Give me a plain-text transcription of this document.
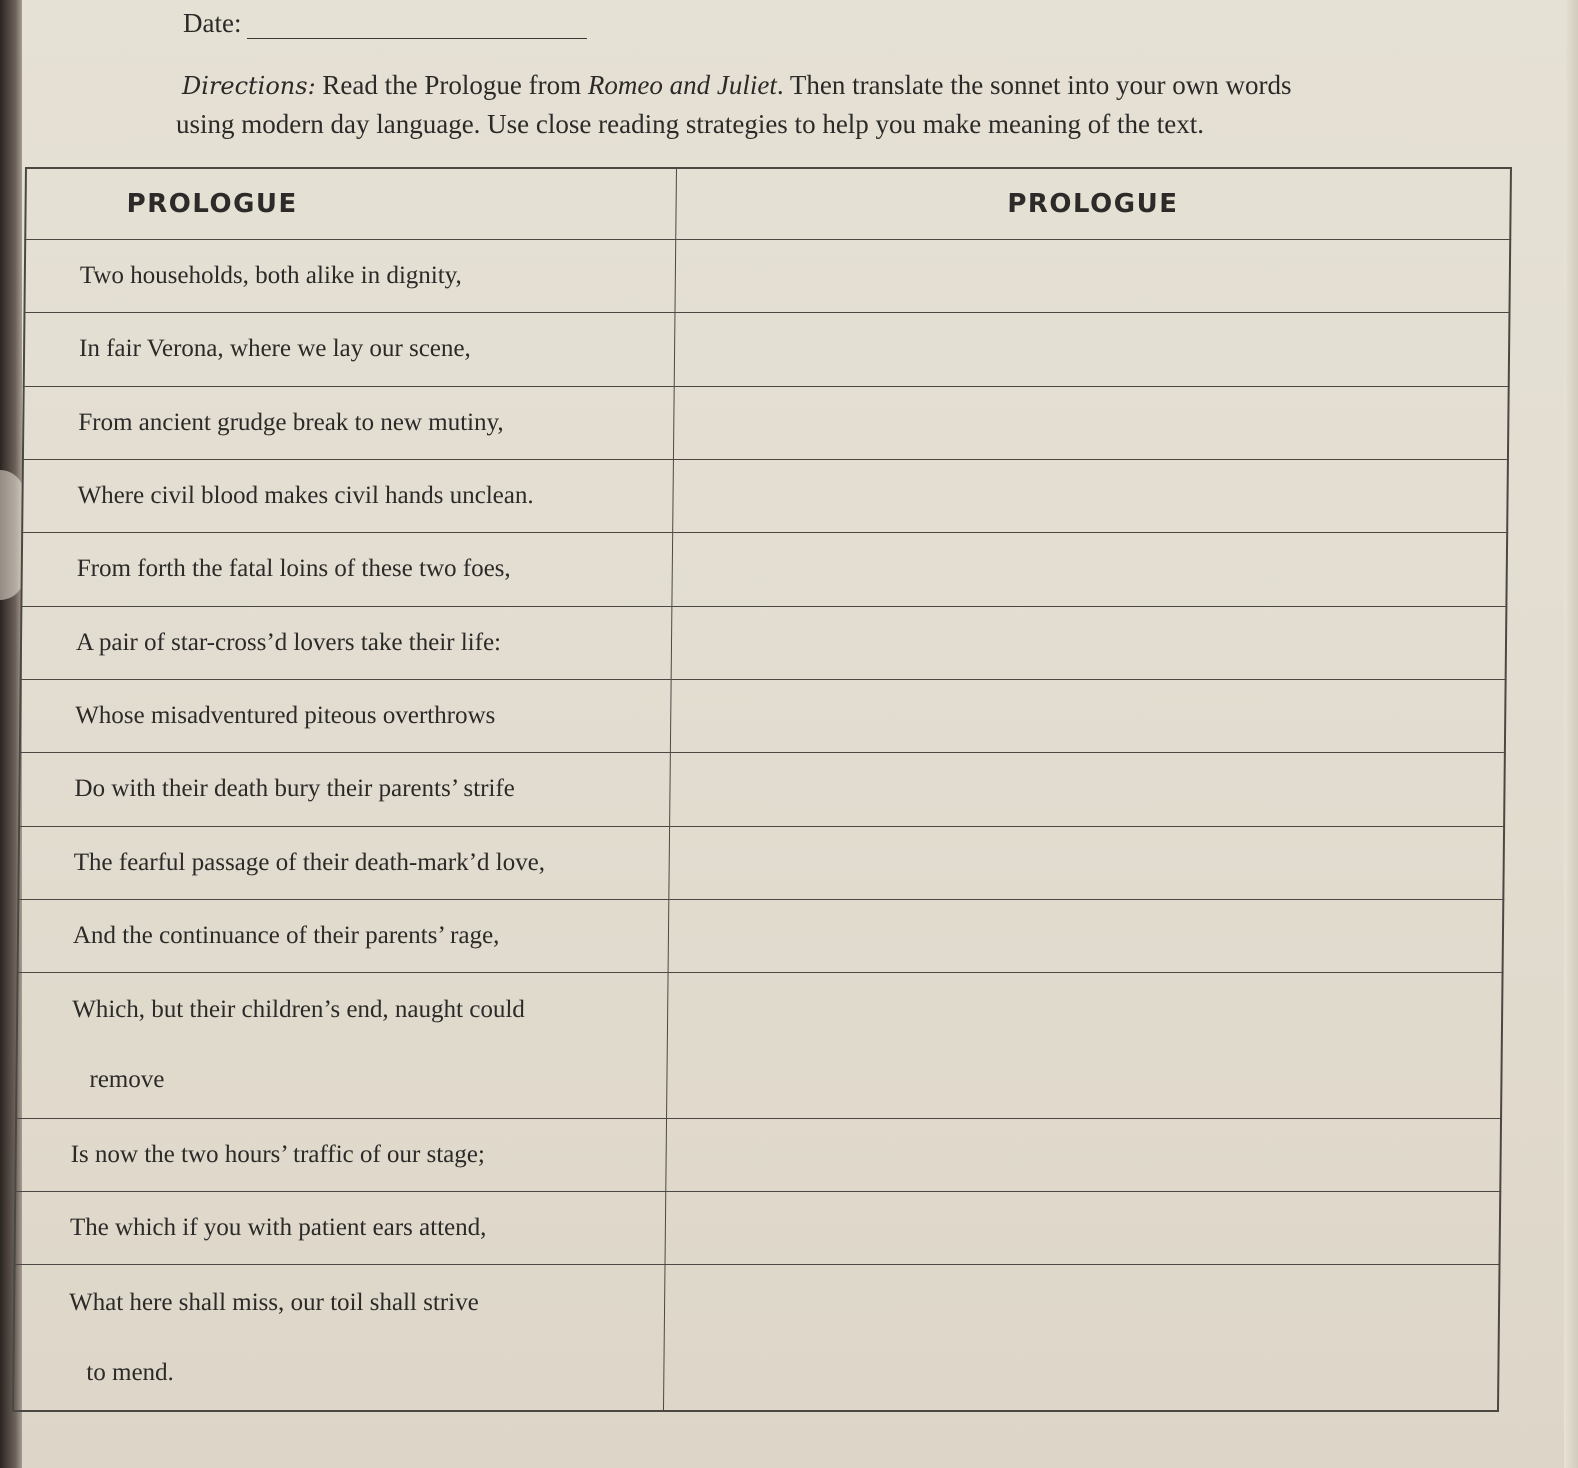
Date:
Directions: Read the Prologue from Romeo and Juliet. Then translate the sonnet into your own words
using modern day language. Use close reading strategies to help you make meaning of the text.
PROLOGUE	PROLOGUE
Two households, both alike in dignity,	
In fair Verona, where we lay our scene,	
From ancient grudge break to new mutiny,	
Where civil blood makes civil hands unclean.	
From forth the fatal loins of these two foes,	
A pair of star-cross’d lovers take their life:	
Whose misadventured piteous overthrows	
Do with their death bury their parents’ strife	
The fearful passage of their death-mark’d love,	
And the continuance of their parents’ rage,	
Which, but their children’s end, naught could
remove	

Is now the two hours’ traffic of our stage;	
The which if you with patient ears attend,	
What here shall miss, our toil shall strive
to mend.	
